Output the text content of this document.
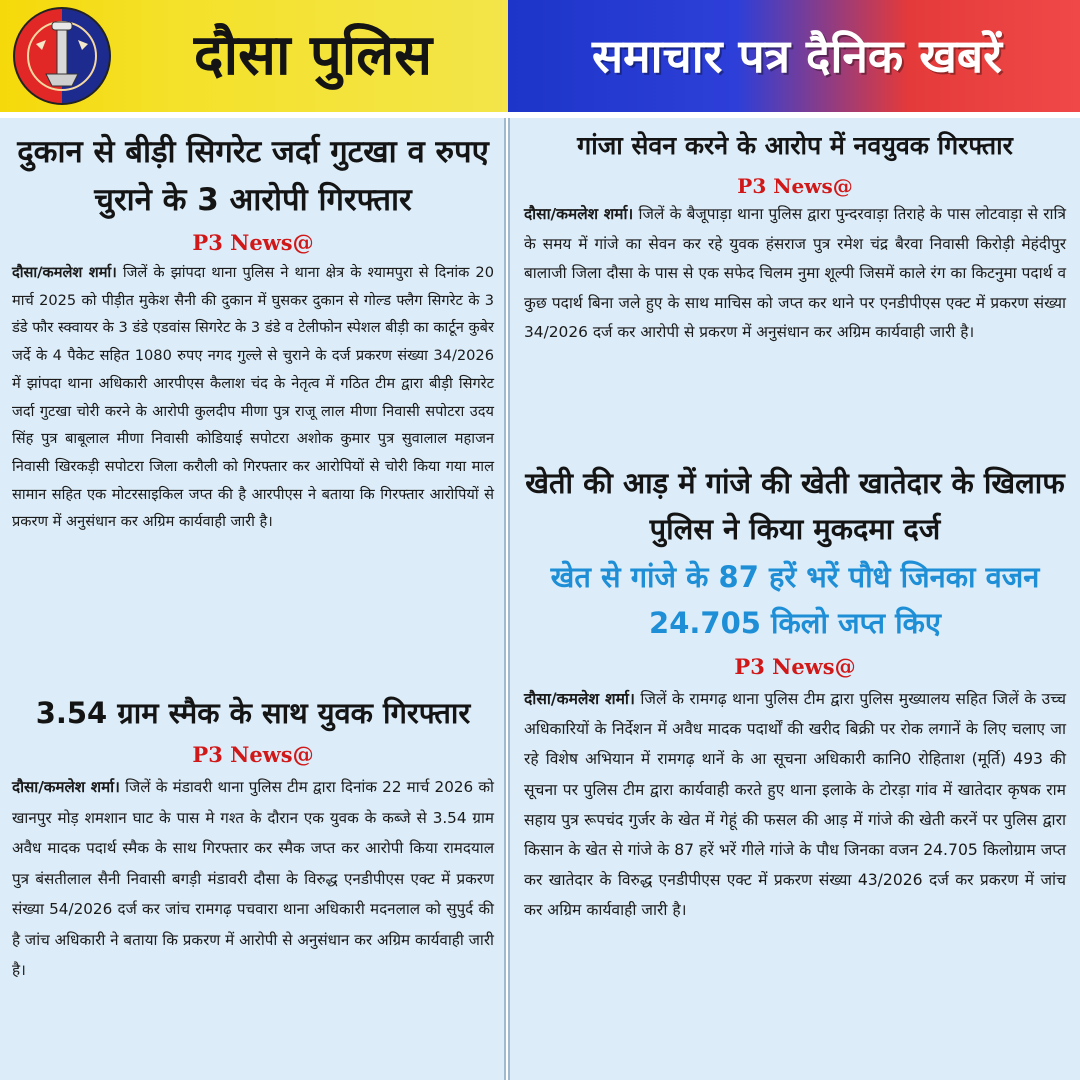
दौसा पुलिस	समाचार पत्र दैनिक खबरें
दुकान से बीड़ी सिगरेट जर्दा गुटखा व रुपए चुराने के 3 आरोपी गिरफ्तार
P3 News@

दौसा/कमलेश शर्मा। जिलें के झांपदा थाना पुलिस ने थाना क्षेत्र के श्यामपुरा से दिनांक 20 मार्च 2025 को पीड़ीत मुकेश सैनी की दुकान में घुसकर दुकान से गोल्ड फ्लैग सिगरेट के 3 डंडे फौर स्क्वायर के 3 डंडे एडवांस सिगरेट के 3 डंडे व टेलीफोन स्पेशल बीड़ी का कार्टून कुबेर जर्दे के 4 पैकेट सहित 1080 रुपए नगद गुल्ले से चुराने के दर्ज प्रकरण संख्या 34/2026 में झांपदा थाना अधिकारी आरपीएस कैलाश चंद के नेतृत्व में गठित टीम द्वारा बीड़ी सिगरेट जर्दा गुटखा चोरी करने के आरोपी कुलदीप मीणा पुत्र राजू लाल मीणा निवासी सपोटरा उदय सिंह पुत्र बाबूलाल मीणा निवासी कोडियाई सपोटरा अशोक कुमार पुत्र सुवालाल महाजन निवासी खिरकड़ी सपोटरा जिला करौली को गिरफ्तार कर आरोपियों से चोरी किया गया माल सामान सहित एक मोटरसाइकिल जप्त की है आरपीएस ने बताया कि गिरफ्तार आरोपियों से प्रकरण में अनुसंधान कर अग्रिम कार्यवाही जारी है।

3.54 ग्राम स्मैक के साथ युवक गिरफ्तार
P3 News@

दौसा/कमलेश शर्मा। जिलें के मंडावरी थाना पुलिस टीम द्वारा दिनांक 22 मार्च 2026 को खानपुर मोड़ शमशान घाट के पास मे गश्त के दौरान एक युवक के कब्जे से 3.54 ग्राम अवैध मादक पदार्थ स्मैक के साथ गिरफ्तार कर स्मैक जप्त कर आरोपी किया रामदयाल पुत्र बंसतीलाल सैनी निवासी बगड़ी मंडावरी दौसा के विरुद्ध एनडीपीएस एक्ट में प्रकरण संख्या 54/2026 दर्ज कर जांच रामगढ़ पचवारा थाना अधिकारी मदनलाल को सुपुर्द की है जांच अधिकारी ने बताया कि प्रकरण में आरोपी से अनुसंधान कर अग्रिम कार्यवाही जारी है।

गांजा सेवन करने के आरोप में नवयुवक गिरफ्तार
P3 News@

दौसा/कमलेश शर्मा। जिलें के बैजूपाड़ा थाना पुलिस द्वारा पुन्दरवाड़ा तिराहे के पास लोटवाड़ा से रात्रि के समय में गांजे का सेवन कर रहे युवक हंसराज पुत्र रमेश चंद्र बैरवा निवासी किरोड़ी मेहंदीपुर बालाजी जिला दौसा के पास से एक सफेद चिलम नुमा शूल्पी जिसमें काले रंग का किटनुमा पदार्थ व कुछ पदार्थ बिना जले हुए के साथ माचिस को जप्त कर थाने पर एनडीपीएस एक्ट में प्रकरण संख्या 34/2026 दर्ज कर आरोपी से प्रकरण में अनुसंधान कर अग्रिम कार्यवाही जारी है।

खेती की आड़ में गांजे की खेती खातेदार के खिलाफ पुलिस ने किया मुकदमा दर्ज
खेत से गांजे के 87 हरें भरें पौधे जिनका वजन 24.705 किलो जप्त किए
P3 News@

दौसा/कमलेश शर्मा। जिलें के रामगढ़ थाना पुलिस टीम द्वारा पुलिस मुख्यालय सहित जिलें के उच्च अधिकारियों के निर्देशन में अवैध मादक पदार्थों की खरीद बिक्री पर रोक लगानें के लिए चलाए जा रहे विशेष अभियान में रामगढ़ थानें के आ सूचना अधिकारी कानि0 रोहिताश (मूर्ति) 493 की सूचना पर पुलिस टीम द्वारा कार्यवाही करते हुए थाना इलाके के टोरड़ा गांव में खातेदार कृषक राम सहाय पुत्र रूपचंद गुर्जर के खेत में गेहूं की फसल की आड़ में गांजे की खेती करनें पर पुलिस द्वारा किसान के खेत से गांजे के 87 हरें भरें गीले गांजे के पौध जिनका वजन 24.705 किलोग्राम जप्त कर खातेदार के विरुद्ध एनडीपीएस एक्ट में प्रकरण संख्या 43/2026 दर्ज कर प्रकरण में जांच कर अग्रिम कार्यवाही जारी है।
